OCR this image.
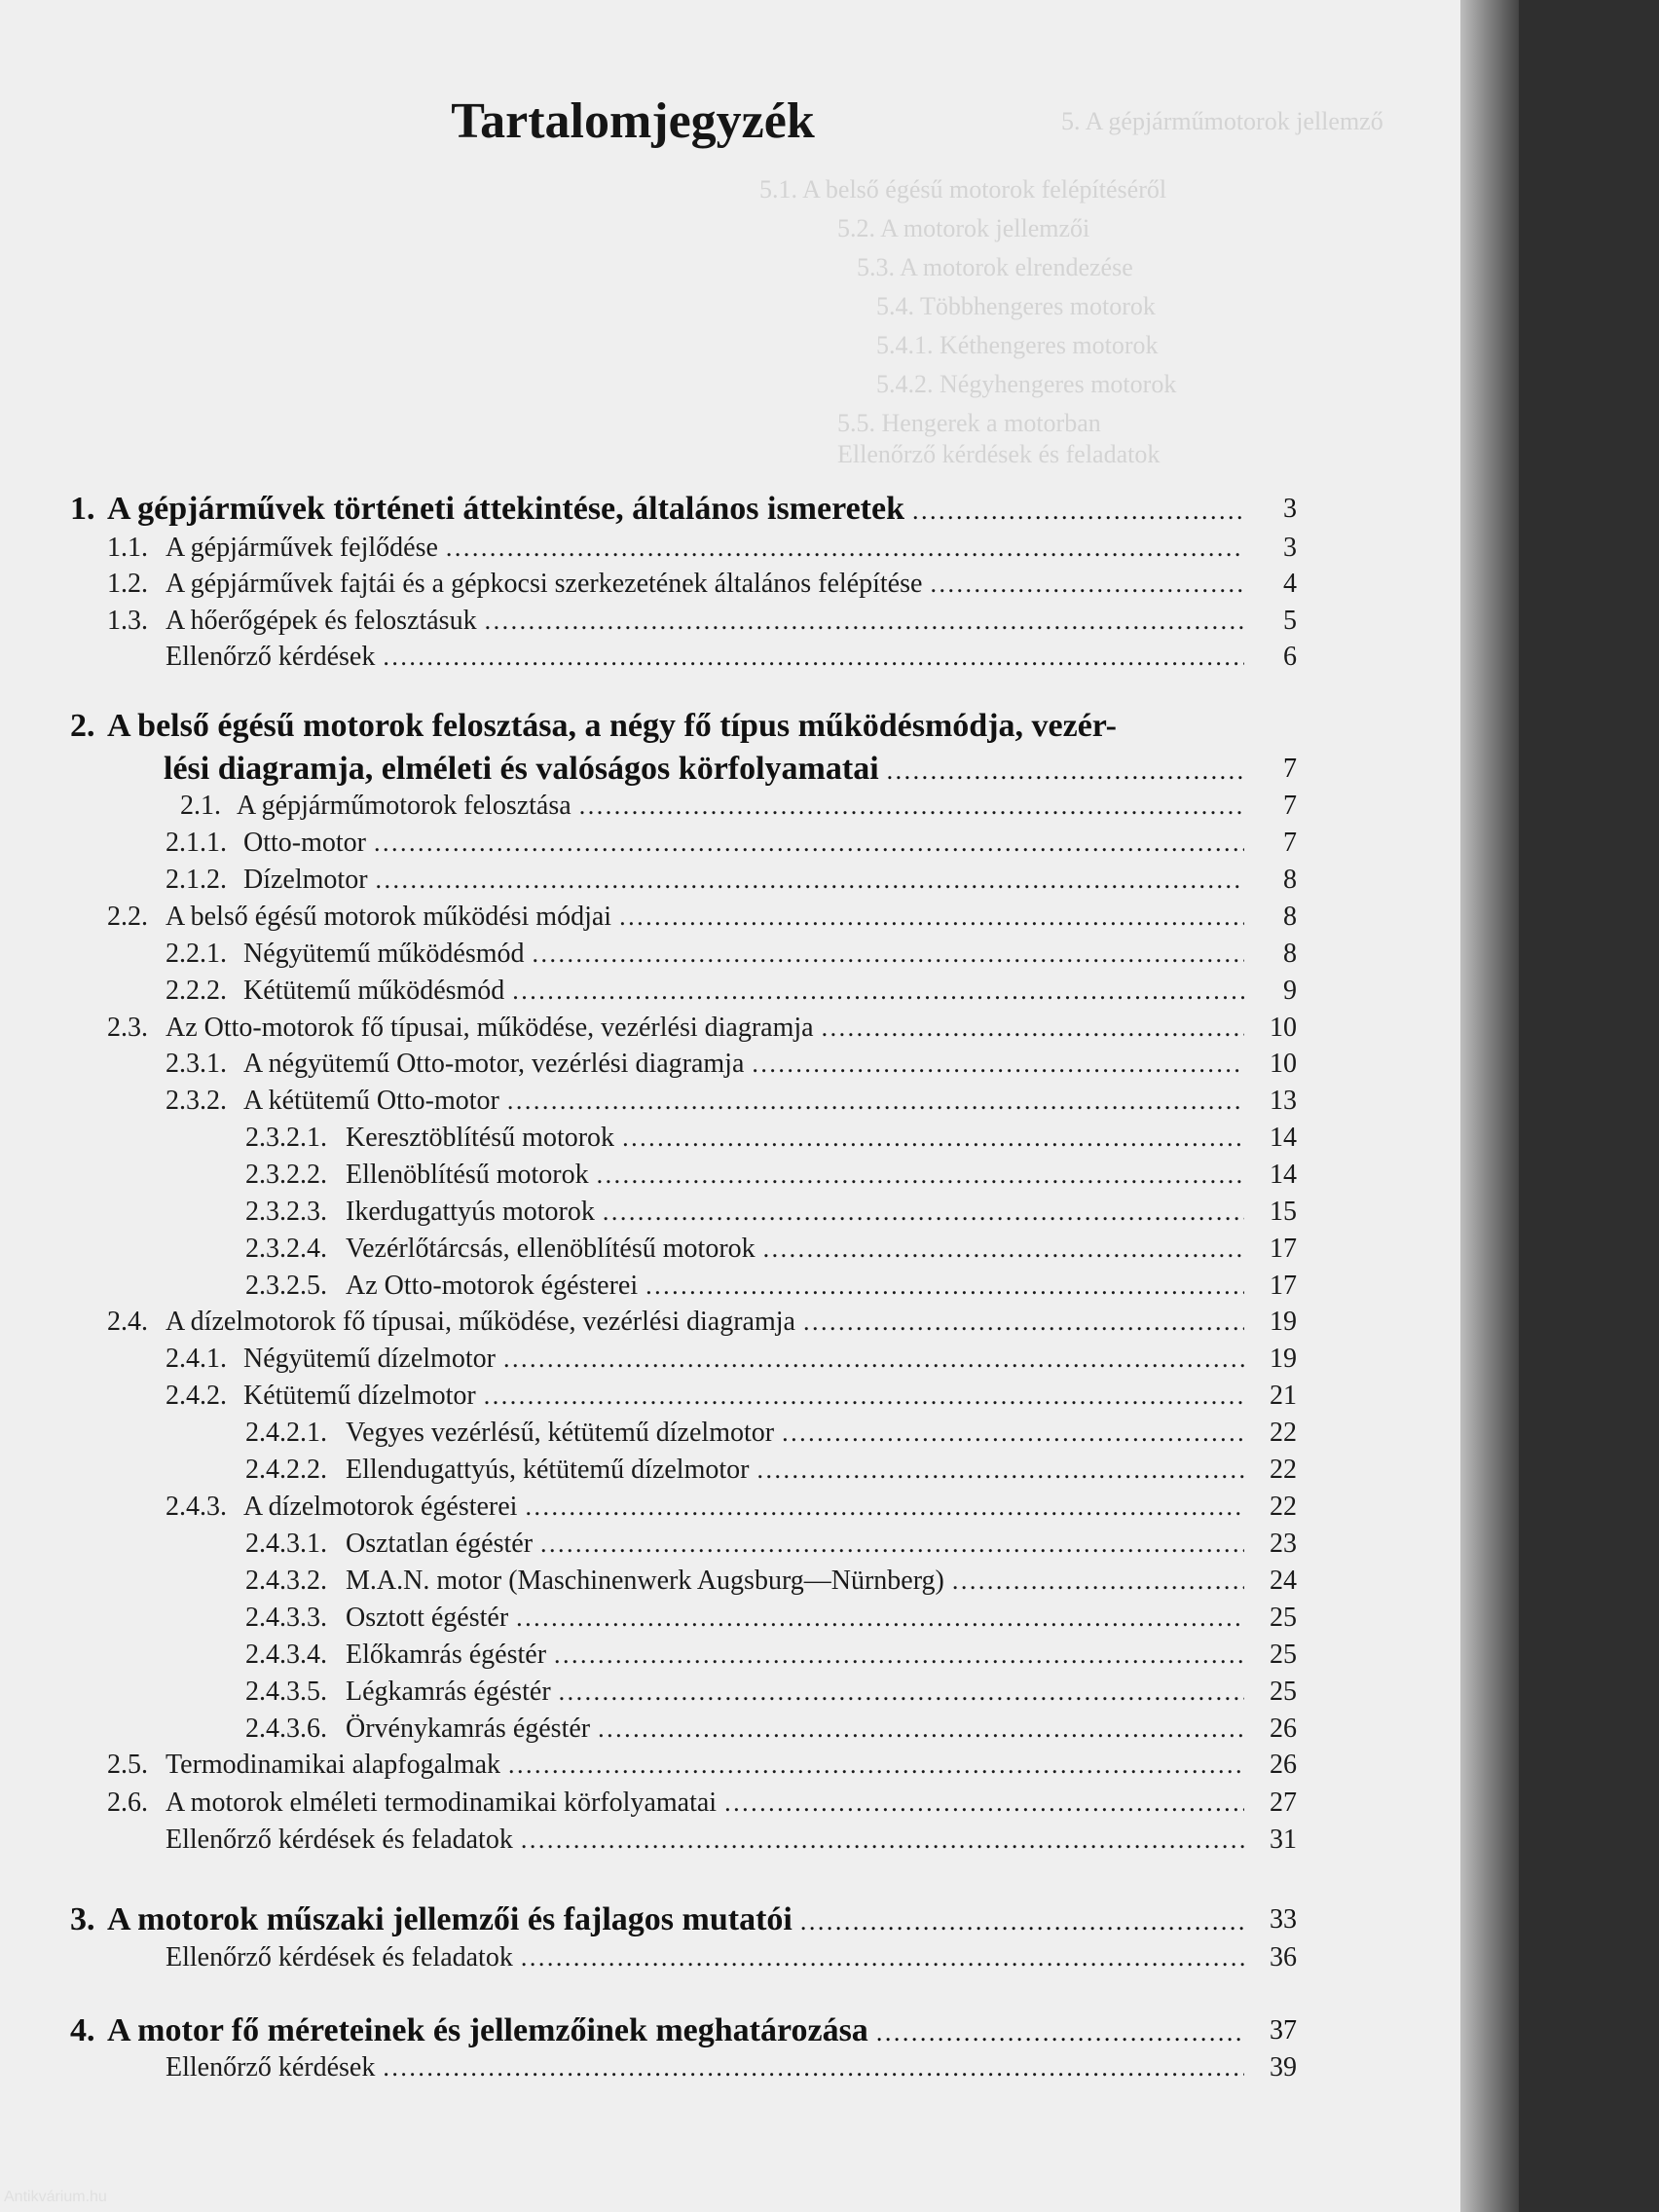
5. A gépjárműmotorok jellemző
5.1. A belső égésű motorok felépítéséről
5.2. A motorok jellemzői
5.3. A motorok elrendezése
5.4. Többhengeres motorok
5.4.1. Kéthengeres motorok
5.4.2. Négyhengeres motorok
5.5. Hengerek a motorban
Ellenőrző kérdések és feladatok
Tartalomjegyzék
1. A gépjárművek történeti áttekintése, általános ismeretek . . .	3
1.1. A gépjárművek fejlődése . . .	3
1.2. A gépjárművek fajtái és a gépkocsi szerkezetének általános felépítése . . .	4
1.3. A hőerőgépek és felosztásuk . . .	5
Ellenőrző kérdések . . .	6
2. A belső égésű motorok felosztása, a négy fő típus működésmódja, vezér-
lési diagramja, elméleti és valóságos körfolyamatai . . .	7
2.1. A gépjárműmotorok felosztása . . .	7
2.1.1. Otto-motor . . .	7
2.1.2. Dízelmotor . . .	8
2.2. A belső égésű motorok működési módjai . . .	8
2.2.1. Négyütemű működésmód . . .	8
2.2.2. Kétütemű működésmód . . .	9
2.3. Az Otto-motorok fő típusai, működése, vezérlési diagramja . . .	10
2.3.1. A négyütemű Otto-motor, vezérlési diagramja . . .	10
2.3.2. A kétütemű Otto-motor . . .	13
2.3.2.1. Keresztöblítésű motorok . . .	14
2.3.2.2. Ellenöblítésű motorok . . .	14
2.3.2.3. Ikerdugattyús motorok . . .	15
2.3.2.4. Vezérlőtárcsás, ellenöblítésű motorok . . .	17
2.3.2.5. Az Otto-motorok égésterei . . .	17
2.4. A dízelmotorok fő típusai, működése, vezérlési diagramja . . .	19
2.4.1. Négyütemű dízelmotor . . .	19
2.4.2. Kétütemű dízelmotor . . .	21
2.4.2.1. Vegyes vezérlésű, kétütemű dízelmotor . . .	22
2.4.2.2. Ellendugattyús, kétütemű dízelmotor . . .	22
2.4.3. A dízelmotorok égésterei . . .	22
2.4.3.1. Osztatlan égéstér . . .	23
2.4.3.2. M.A.N. motor (Maschinenwerk Augsburg—Nürnberg) . . .	24
2.4.3.3. Osztott égéstér . . .	25
2.4.3.4. Előkamrás égéstér . . .	25
2.4.3.5. Légkamrás égéstér . . .	25
2.4.3.6. Örvénykamrás égéstér . . .	26
2.5. Termodinamikai alapfogalmak . . .	26
2.6. A motorok elméleti termodinamikai körfolyamatai . . .	27
Ellenőrző kérdések és feladatok . . .	31
3. A motorok műszaki jellemzői és fajlagos mutatói . . .	33
Ellenőrző kérdések és feladatok . . .	36
4. A motor fő méreteinek és jellemzőinek meghatározása . . .	37
Ellenőrző kérdések . . .	39
Antikvárium.hu
